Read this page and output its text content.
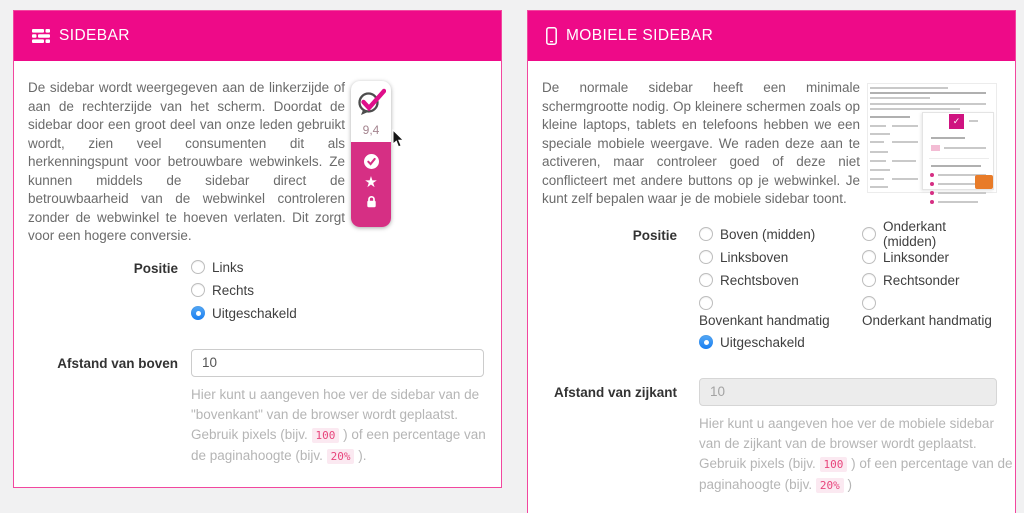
SIDEBAR

De sidebar wordt weergegeven aan de linkerzijde of aan de rechterzijde van het scherm. Doordat de sidebar door een groot deel van onze leden gebruikt wordt, zien veel consumenten dit als herkenningspunt voor betrouwbare webwinkels. Ze kunnen middels de sidebar direct de betrouwbaarheid van de webwinkel controleren zonder de webwinkel te hoeven verlaten. Dit zorgt voor een hogere conversie.

9,4
★
Positie	Links
Rechts
Uitgeschakeld
Afstand van boven
10
Hier kunt u aangeven hoe ver de sidebar van de "bovenkant" van de browser wordt geplaatst. Gebruik pixels (bijv. 100 ) of een percentage van de paginahoogte (bijv. 20% ).
MOBIELE SIDEBAR

De normale sidebar heeft een minimale schermgrootte nodig. Op kleinere schermen zoals op kleine laptops, tablets en telefoons hebben we een speciale mobiele weergave. We raden deze aan te activeren, maar controleer goed of deze niet conflicteert met andere buttons op je webwinkel. Je kunt zelf bepalen waar je de mobiele sidebar toont.

✓
Positie	Boven (midden)
Linksboven
Rechtsboven
Bovenkant handmatig
Uitgeschakeld
Onderkant (midden)
Linksonder
Rechtsonder
Onderkant handmatig
Afstand van zijkant
10
Hier kunt u aangeven hoe ver de mobiele sidebar van de zijkant van de browser wordt geplaatst. Gebruik pixels (bijv. 100 ) of een percentage van de paginahoogte (bijv. 20% )
